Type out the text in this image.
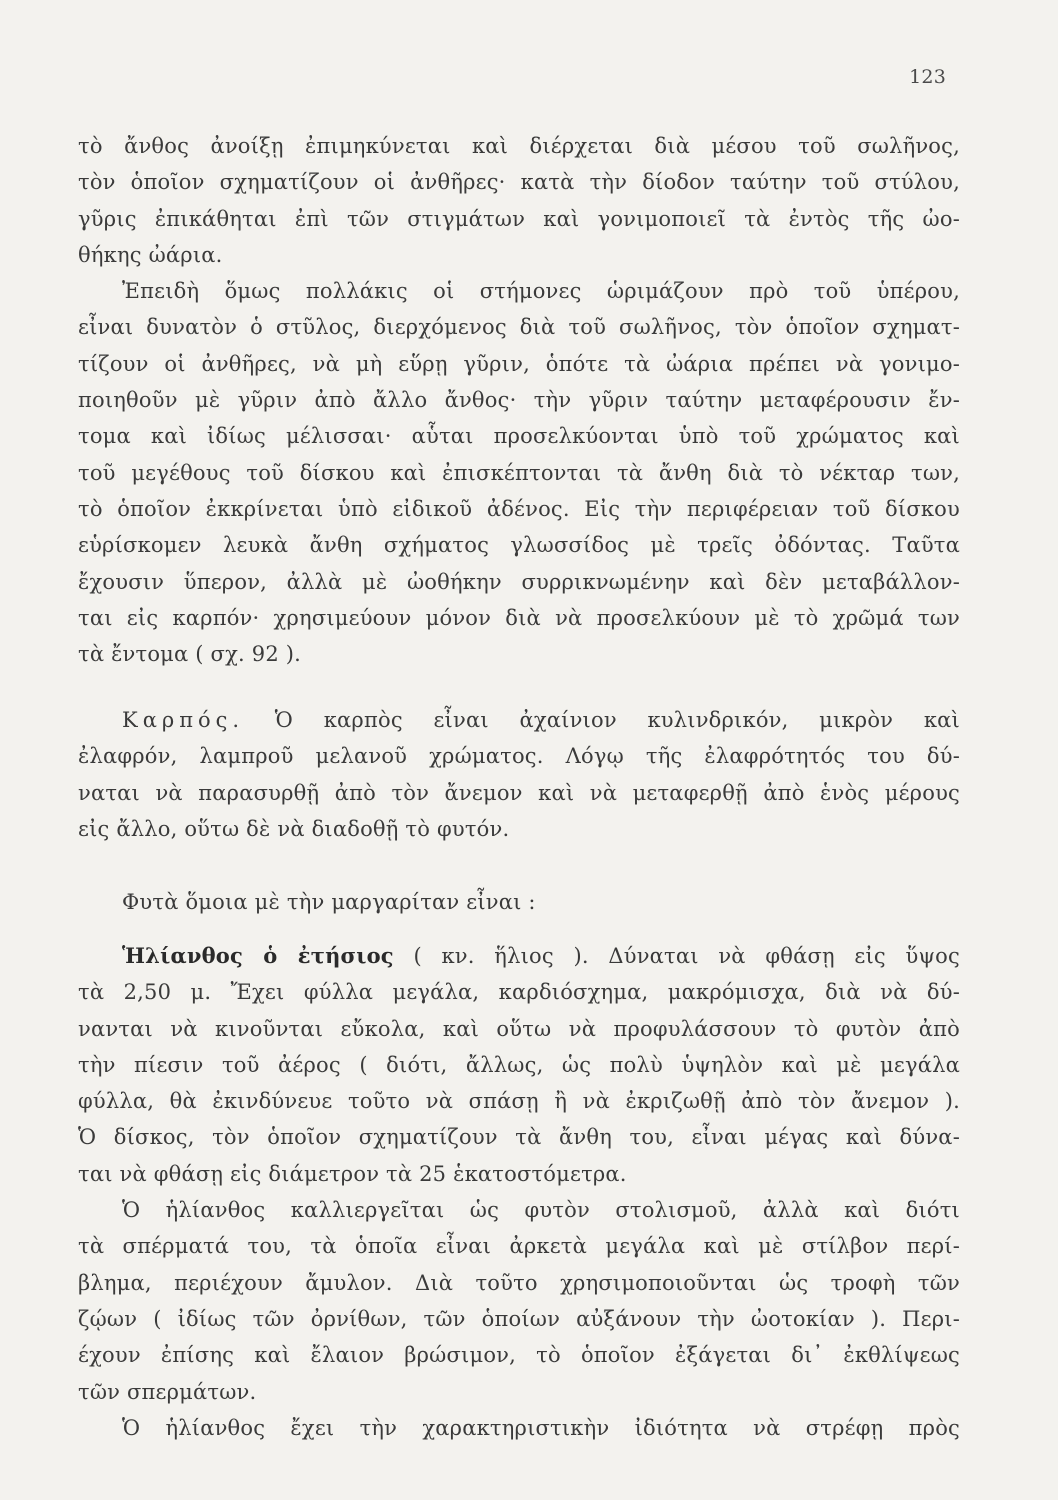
123
τὸ ἄνθος ἀνοίξῃ ἐπιμηκύνεται καὶ διέρχεται διὰ μέσου τοῦ σωλῆνος,
τὸν ὁποῖον σχηματίζουν οἱ ἀνθῆρες· κατὰ τὴν δίοδον ταύτην τοῦ στύλου,
γῦρις ἐπικάθηται ἐπὶ τῶν στιγμάτων καὶ γονιμοποιεῖ τὰ ἐντὸς τῆς ὠο-
θήκης ὠάρια.
Ἐπειδὴ ὅμως πολλάκις οἱ στήμονες ὡριμάζουν πρὸ τοῦ ὑπέρου,
εἶναι δυνατὸν ὁ στῦλος, διερχόμενος διὰ τοῦ σωλῆνος, τὸν ὁποῖον σχηματ-
τίζουν οἱ ἀνθῆρες, νὰ μὴ εὕρῃ γῦριν, ὁπότε τὰ ὠάρια πρέπει νὰ γονιμο-
ποιηθοῦν μὲ γῦριν ἀπὸ ἄλλο ἄνθος· τὴν γῦριν ταύτην μεταφέρουσιν ἔν-
τομα καὶ ἰδίως μέλισσαι· αὗται προσελκύονται ὑπὸ τοῦ χρώματος καὶ
τοῦ μεγέθους τοῦ δίσκου καὶ ἐπισκέπτονται τὰ ἄνθη διὰ τὸ νέκταρ των,
τὸ ὁποῖον ἐκκρίνεται ὑπὸ εἰδικοῦ ἀδένος. Εἰς τὴν περιφέρειαν τοῦ δίσκου
εὑρίσκομεν λευκὰ ἄνθη σχήματος γλωσσίδος μὲ τρεῖς ὀδόντας. Ταῦτα
ἔχουσιν ὕπερον, ἀλλὰ μὲ ὠοθήκην συρρικνωμένην καὶ δὲν μεταβάλλον-
ται εἰς καρπόν· χρησιμεύουν μόνον διὰ νὰ προσελκύουν μὲ τὸ χρῶμά των
τὰ ἔντομα ( σχ. 92 ).
Καρπός. Ὁ καρπὸς εἶναι ἀχαίνιον κυλινδρικόν, μικρὸν καὶ
ἐλαφρόν, λαμπροῦ μελανοῦ χρώματος. Λόγῳ τῆς ἐλαφρότητός του δύ-
ναται νὰ παρασυρθῇ ἀπὸ τὸν ἄνεμον καὶ νὰ μεταφερθῇ ἀπὸ ἑνὸς μέρους
εἰς ἄλλο, οὕτω δὲ νὰ διαδοθῇ τὸ φυτόν.
Φυτὰ ὅμοια μὲ τὴν μαργαρίταν εἶναι :
Ἡλίανθος ὁ ἐτήσιος ( κν. ἥλιος ). Δύναται νὰ φθάσῃ εἰς ὕψος
τὰ 2,50 μ. Ἔχει φύλλα μεγάλα, καρδιόσχημα, μακρόμισχα, διὰ νὰ δύ-
νανται νὰ κινοῦνται εὔκολα, καὶ οὕτω νὰ προφυλάσσουν τὸ φυτὸν ἀπὸ
τὴν πίεσιν τοῦ ἀέρος ( διότι, ἄλλως, ὡς πολὺ ὑψηλὸν καὶ μὲ μεγάλα
φύλλα, θὰ ἐκινδύνευε τοῦτο νὰ σπάσῃ ἢ νὰ ἐκριζωθῇ ἀπὸ τὸν ἄνεμον ).
Ὁ δίσκος, τὸν ὁποῖον σχηματίζουν τὰ ἄνθη του, εἶναι μέγας καὶ δύνα-
ται νὰ φθάσῃ εἰς διάμετρον τὰ 25 ἑκατοστόμετρα.
Ὁ ἡλίανθος καλλιεργεῖται ὡς φυτὸν στολισμοῦ, ἀλλὰ καὶ διότι
τὰ σπέρματά του, τὰ ὁποῖα εἶναι ἀρκετὰ μεγάλα καὶ μὲ στίλβον περί-
βλημα, περιέχουν ἄμυλον. Διὰ τοῦτο χρησιμοποιοῦνται ὡς τροφὴ τῶν
ζῴων ( ἰδίως τῶν ὀρνίθων, τῶν ὁποίων αὐξάνουν τὴν ὠοτοκίαν ). Περι-
έχουν ἐπίσης καὶ ἔλαιον βρώσιμον, τὸ ὁποῖον ἐξάγεται δι᾿ ἐκθλίψεως
τῶν σπερμάτων.
Ὁ ἡλίανθος ἔχει τὴν χαρακτηριστικὴν ἰδιότητα νὰ στρέφῃ πρὸς
